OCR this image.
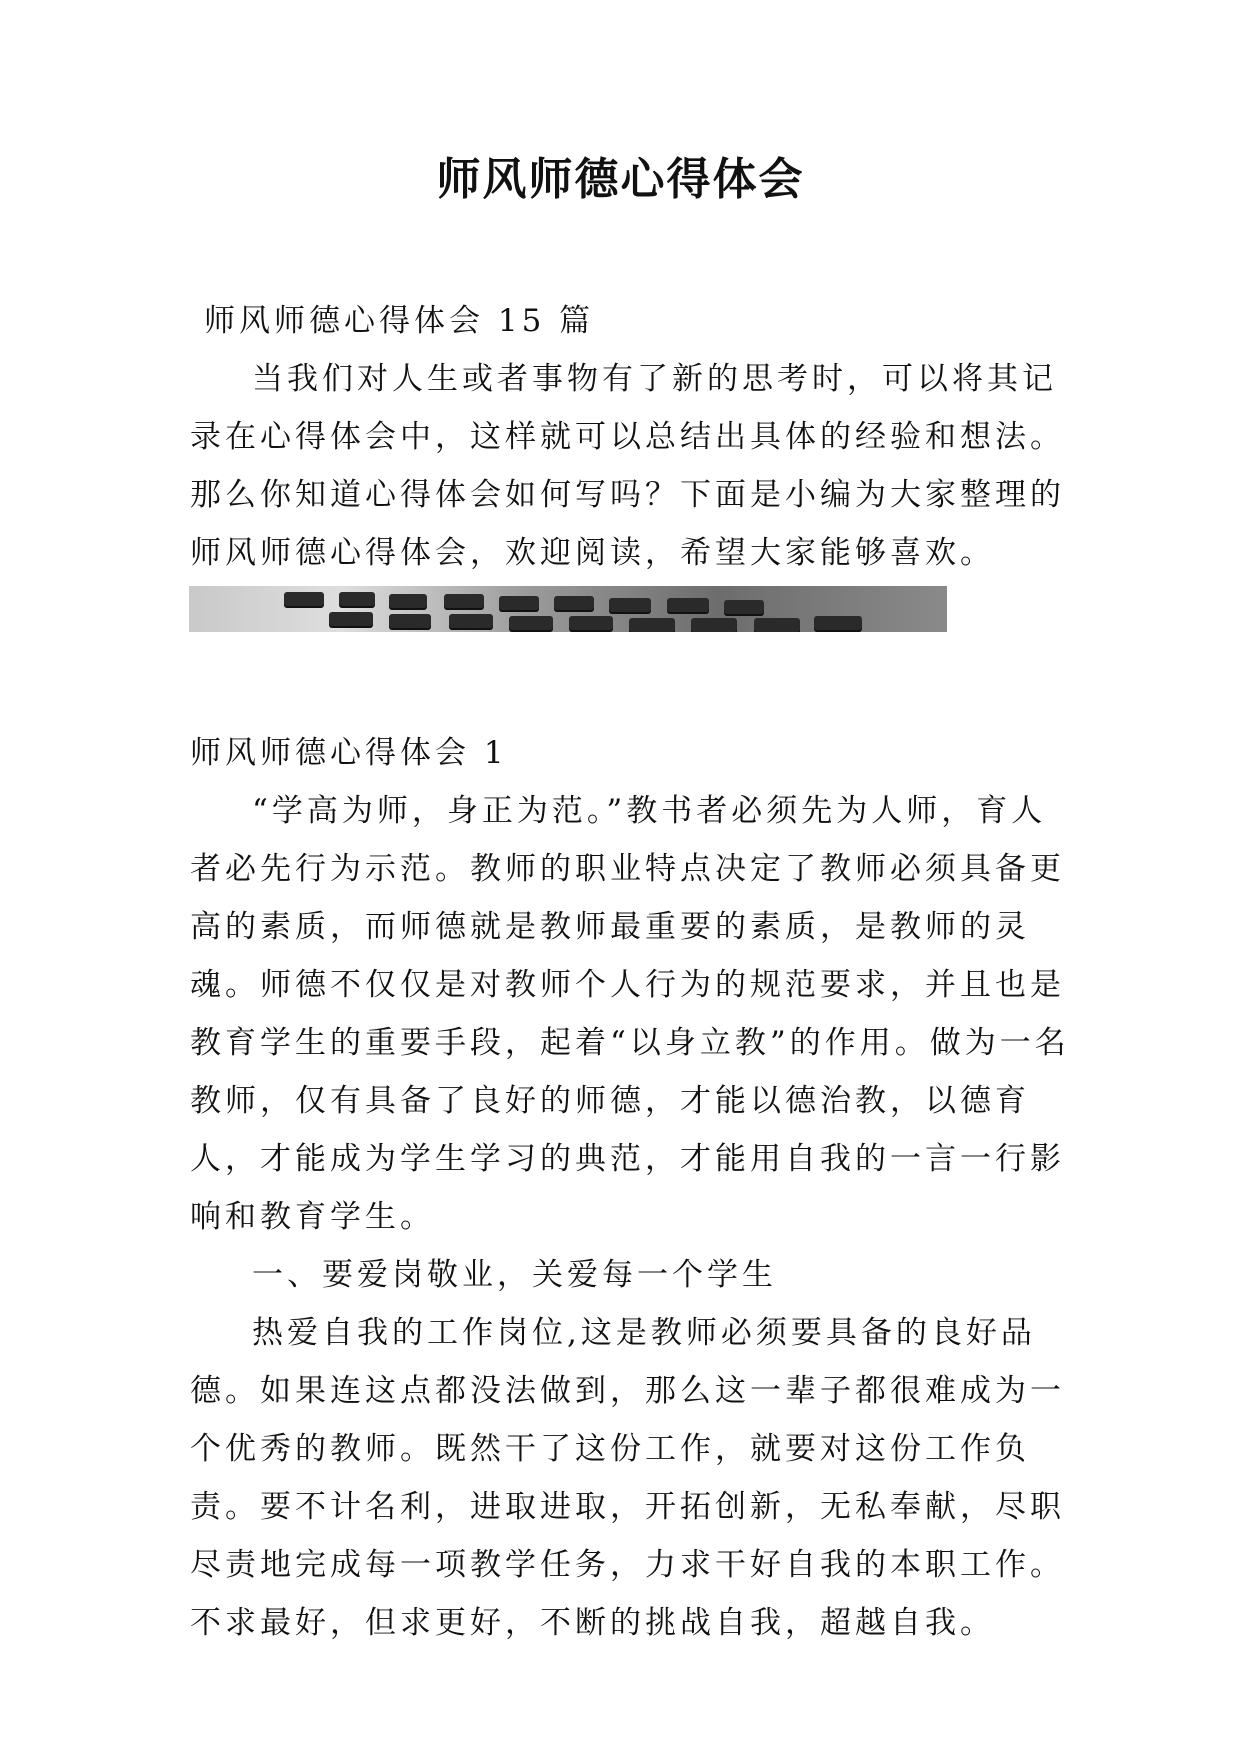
师风师德心得体会

师风师德心得体会 15 篇

当我们对人生或者事物有了新的思考时，可以将其记录在心得体会中，这样就可以总结出具体的经验和想法。那么你知道心得体会如何写吗？下面是小编为大家整理的师风师德心得体会，欢迎阅读，希望大家能够喜欢。

师风师德心得体会 1

“学高为师，身正为范。”教书者必须先为人师，育人者必先行为示范。教师的职业特点决定了教师必须具备更高的素质，而师德就是教师最重要的素质，是教师的灵魂。师德不仅仅是对教师个人行为的规范要求，并且也是教育学生的重要手段，起着“以身立教”的作用。做为一名教师，仅有具备了良好的师德，才能以德治教，以德育人，才能成为学生学习的典范，才能用自我的一言一行影响和教育学生。

一、要爱岗敬业，关爱每一个学生

热爱自我的工作岗位,这是教师必须要具备的良好品德。如果连这点都没法做到，那么这一辈子都很难成为一个优秀的教师。既然干了这份工作，就要对这份工作负责。要不计名利，进取进取，开拓创新，无私奉献，尽职尽责地完成每一项教学任务，力求干好自我的本职工作。不求最好，但求更好，不断的挑战自我，超越自我。
